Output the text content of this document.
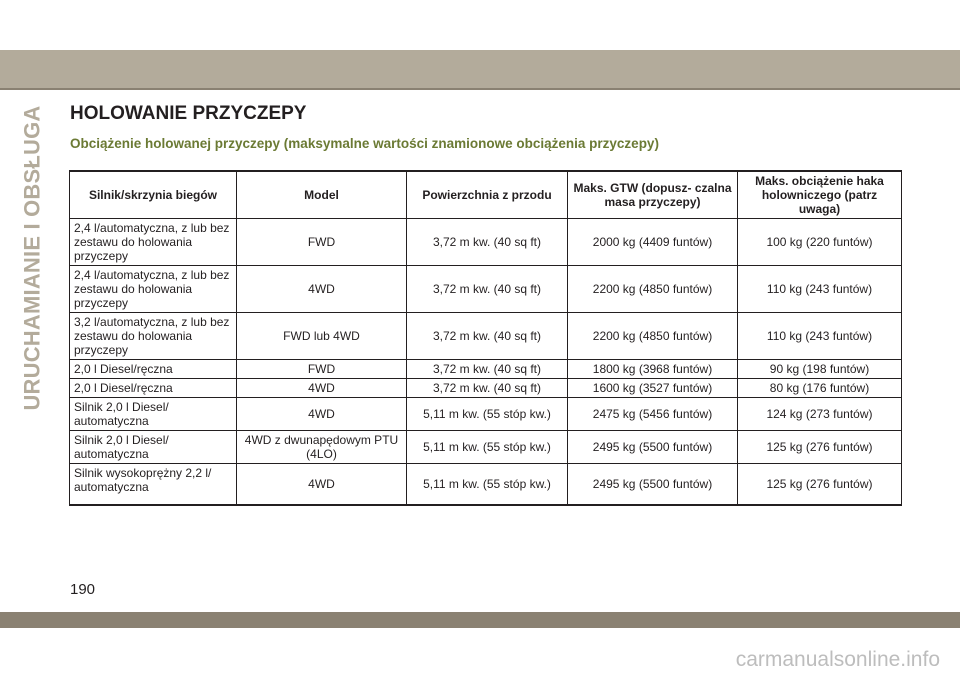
URUCHAMIANIE I OBSŁUGA HOLOWANIE PRZYCZEPY
Obciążenie holowanej przyczepy (maksymalne wartości znamionowe obciążenia przyczepy)
Silnik/skrzynia biegów	Model	Powierzchnia z przodu	Maks. GTW (dopusz- czalna masa przyczepy)	Maks. obciążenie haka holowniczego (patrz uwaga)
2,4 l/automatyczna, z lub bez zestawu do holowania przyczepy	FWD	3,72 m kw. (40 sq ft)	2000 kg (4409 funtów)	100 kg (220 funtów)
2,4 l/automatyczna, z lub bez zestawu do holowania przyczepy	4WD	3,72 m kw. (40 sq ft)	2200 kg (4850 funtów)	110 kg (243 funtów)
3,2 l/automatyczna, z lub bez zestawu do holowania przyczepy	FWD lub 4WD	3,72 m kw. (40 sq ft)	2200 kg (4850 funtów)	110 kg (243 funtów)
2,0 l Diesel/ręczna	FWD	3,72 m kw. (40 sq ft)	1800 kg (3968 funtów)	90 kg (198 funtów)
2,0 l Diesel/ręczna	4WD	3,72 m kw. (40 sq ft)	1600 kg (3527 funtów)	80 kg (176 funtów)
Silnik 2,0 l Diesel/ automatyczna	4WD	5,11 m kw. (55 stóp kw.)	2475 kg (5456 funtów)	124 kg (273 funtów)
Silnik 2,0 l Diesel/ automatyczna	4WD z dwunapędowym PTU (4LO)	5,11 m kw. (55 stóp kw.)	2495 kg (5500 funtów)	125 kg (276 funtów)
Silnik wysokoprężny 2,2 l/ automatyczna	4WD	5,11 m kw. (55 stóp kw.)	2495 kg (5500 funtów)	125 kg (276 funtów)
190
carmanualsonline.info
